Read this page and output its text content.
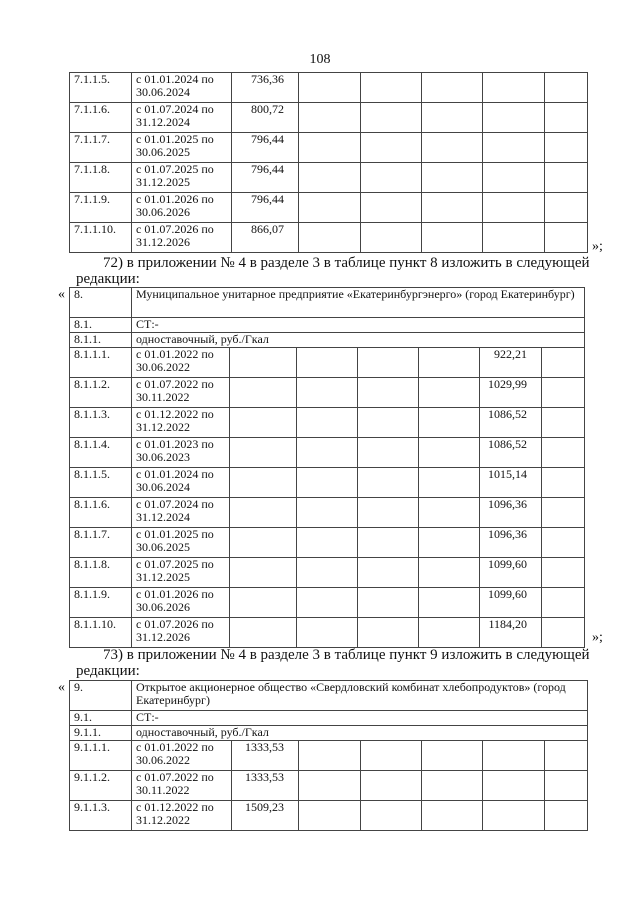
108
7.1.1.5.	с 01.01.2024 по
30.06.2024	736,36					
7.1.1.6.	с 01.07.2024 по
31.12.2024	800,72					
7.1.1.7.	с 01.01.2025 по
30.06.2025	796,44					
7.1.1.8.	с 01.07.2025 по
31.12.2025	796,44					
7.1.1.9.	с 01.01.2026 по
30.06.2026	796,44					
7.1.1.10.	с 01.07.2026 по
31.12.2026	866,07					
»;
72) в приложении № 4 в разделе 3 в таблице пункт 8 изложить в следующей
редакции:
« 8.	Муниципальное унитарное предприятие «Екатеринбургэнерго» (город Екатеринбург)						
8.1.	СТ:-						
8.1.1.	одноставочный, руб./Гкал						
8.1.1.1.	с 01.01.2022 по
30.06.2022					922,21	
8.1.1.2.	с 01.07.2022 по
30.11.2022					1029,99	
8.1.1.3.	с 01.12.2022 по
31.12.2022					1086,52	
8.1.1.4.	с 01.01.2023 по
30.06.2023					1086,52	
8.1.1.5.	с 01.01.2024 по
30.06.2024					1015,14	
8.1.1.6.	с 01.07.2024 по
31.12.2024					1096,36	
8.1.1.7.	с 01.01.2025 по
30.06.2025					1096,36	
8.1.1.8.	с 01.07.2025 по
31.12.2025					1099,60	
8.1.1.9.	с 01.01.2026 по
30.06.2026					1099,60	
8.1.1.10.	с 01.07.2026 по
31.12.2026					1184,20	
»;
73) в приложении № 4 в разделе 3 в таблице пункт 9 изложить в следующей
редакции:
« 9.	Открытое акционерное общество «Свердловский комбинат хлебопродуктов» (город Екатеринбург)						
9.1.	СТ:-						
9.1.1.	одноставочный, руб./Гкал						
9.1.1.1.	с 01.01.2022 по
30.06.2022	1333,53					
9.1.1.2.	с 01.07.2022 по
30.11.2022	1333,53					
9.1.1.3.	с 01.12.2022 по
31.12.2022	1509,23					
